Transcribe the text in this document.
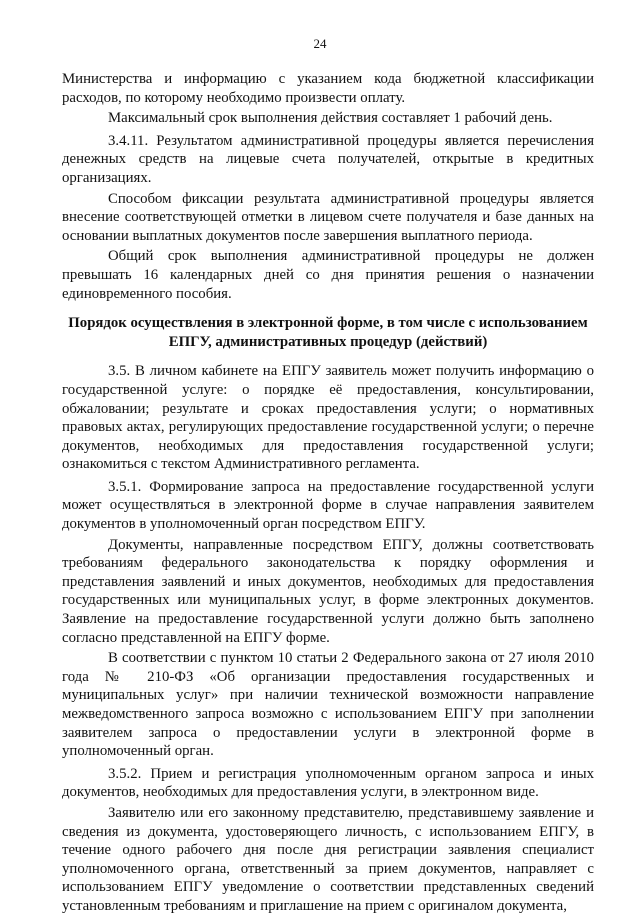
24

Министерства и информацию с указанием кода бюджетной классификации расходов, по которому необходимо произвести оплату.

Максимальный срок выполнения действия составляет 1 рабочий день.

3.4.11. Результатом административной процедуры является перечисления денежных средств на лицевые счета получателей, открытые в кредитных организациях.

Способом фиксации результата административной процедуры является внесение соответствующей отметки в лицевом счете получателя и базе данных на основании выплатных документов после завершения выплатного периода.

Общий срок выполнения административной процедуры не должен превышать 16 календарных дней со дня принятия решения о назначении единовременного пособия.

Порядок осуществления в электронной форме, в том числе с использованием ЕПГУ, административных процедур (действий)

3.5. В личном кабинете на ЕПГУ заявитель может получить информацию о государственной услуге: о порядке её предоставления, консультировании, обжаловании; результате и сроках предоставления услуги; о нормативных правовых актах, регулирующих предоставление государственной услуги; о перечне документов, необходимых для предоставления государственной услуги; ознакомиться с текстом Административного регламента.

3.5.1. Формирование запроса на предоставление государственной услуги может осуществляться в электронной форме в случае направления заявителем документов в уполномоченный орган посредством ЕПГУ.

Документы, направленные посредством ЕПГУ, должны соответствовать требованиям федерального законодательства к порядку оформления и представления заявлений и иных документов, необходимых для предоставления государственных или муниципальных услуг, в форме электронных документов. Заявление на предоставление государственной услуги должно быть заполнено согласно представленной на ЕПГУ форме.

В соответствии с пунктом 10 статьи 2 Федерального закона от 27 июля 2010 года № 210-ФЗ «Об организации предоставления государственных и муниципальных услуг» при наличии технической возможности направление межведомственного запроса возможно с использованием ЕПГУ при заполнении заявителем запроса о предоставлении услуги в электронной форме в уполномоченный орган.

3.5.2. Прием и регистрация уполномоченным органом запроса и иных документов, необходимых для предоставления услуги, в электронном виде.

Заявителю или его законному представителю, представившему заявление и сведения из документа, удостоверяющего личность, с использованием ЕПГУ, в течение одного рабочего дня после дня регистрации заявления специалист уполномоченного органа, ответственный за прием документов, направляет с использованием ЕПГУ уведомление о соответствии представленных сведений установленным требованиям и приглашение на прием с оригиналом документа,
